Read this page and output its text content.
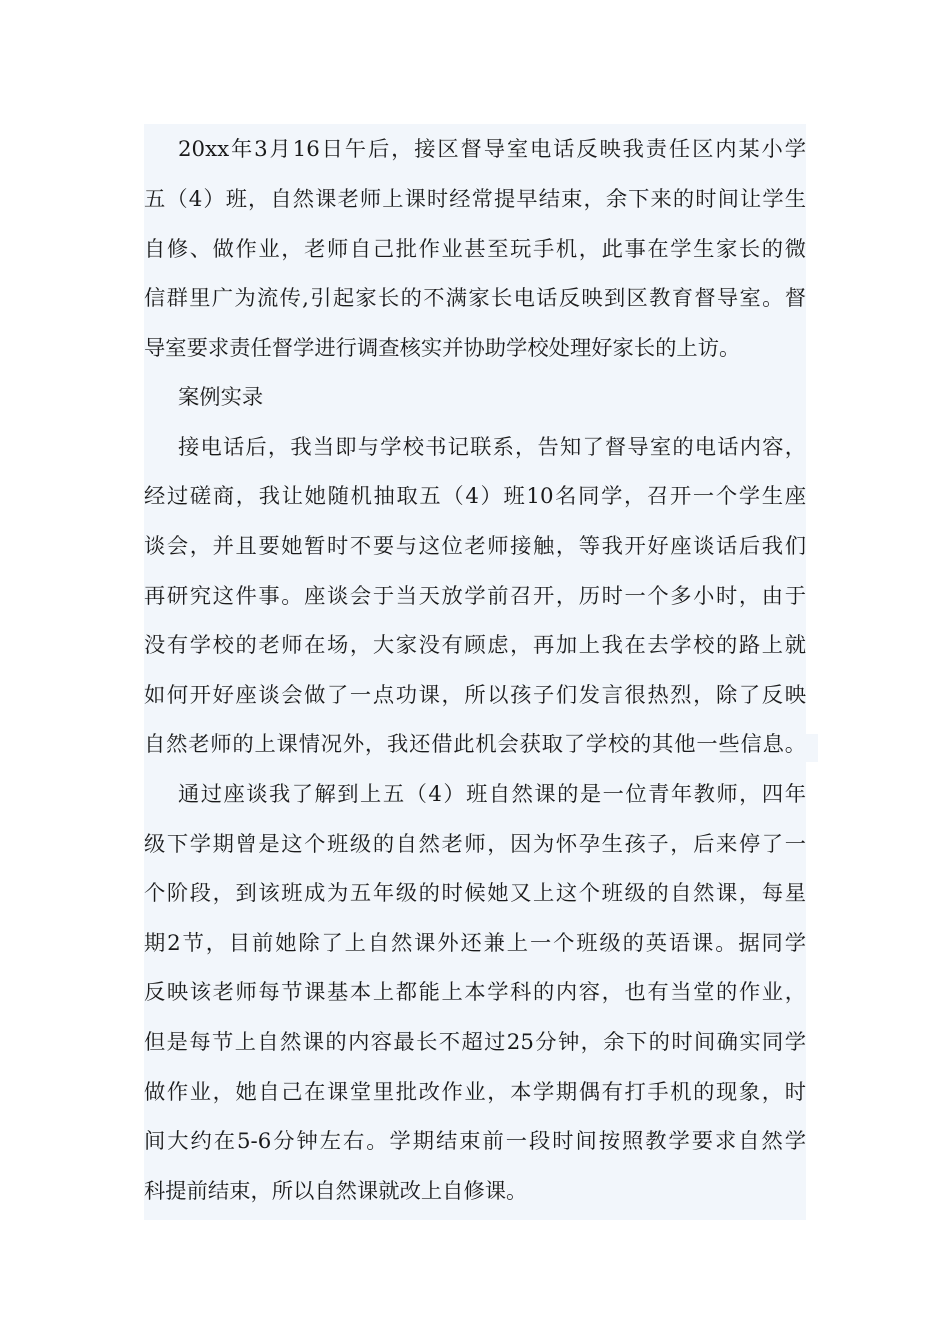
20xx年3月16日午后，接区督导室电话反映我责任区内某小学
五（4）班，自然课老师上课时经常提早结束，余下来的时间让学生
自修、做作业，老师自己批作业甚至玩手机，此事在学生家长的微
信群里广为流传,引起家长的不满家长电话反映到区教育督导室。督
导室要求责任督学进行调查核实并协助学校处理好家长的上访。
案例实录
接电话后，我当即与学校书记联系，告知了督导室的电话内容，
经过磋商，我让她随机抽取五（4）班10名同学，召开一个学生座
谈会，并且要她暂时不要与这位老师接触，等我开好座谈话后我们
再研究这件事。座谈会于当天放学前召开，历时一个多小时，由于
没有学校的老师在场，大家没有顾虑，再加上我在去学校的路上就
如何开好座谈会做了一点功课，所以孩子们发言很热烈，除了反映
自然老师的上课情况外，我还借此机会获取了学校的其他一些信息。
通过座谈我了解到上五（4）班自然课的是一位青年教师，四年
级下学期曾是这个班级的自然老师，因为怀孕生孩子，后来停了一
个阶段，到该班成为五年级的时候她又上这个班级的自然课，每星
期2节，目前她除了上自然课外还兼上一个班级的英语课。据同学
反映该老师每节课基本上都能上本学科的内容，也有当堂的作业，
但是每节上自然课的内容最长不超过25分钟，余下的时间确实同学
做作业，她自己在课堂里批改作业，本学期偶有打手机的现象，时
间大约在5-6分钟左右。学期结束前一段时间按照教学要求自然学
科提前结束，所以自然课就改上自修课。
